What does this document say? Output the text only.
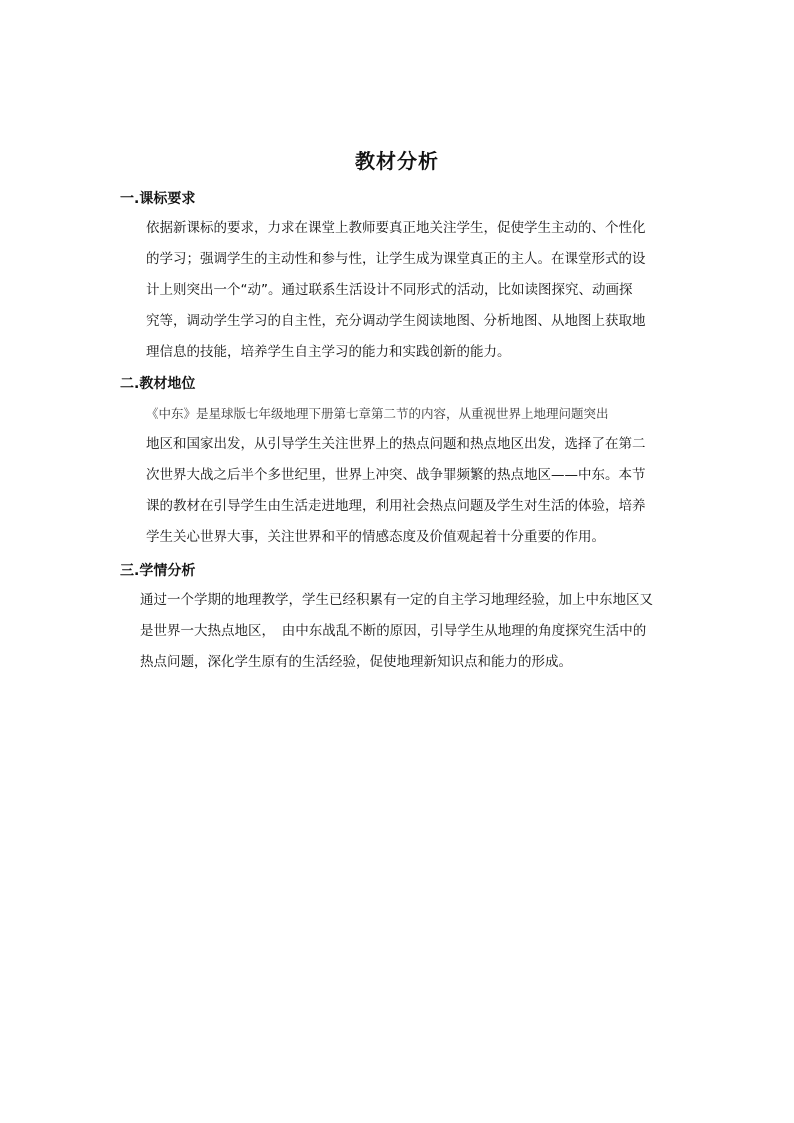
教材分析
一.课标要求
依据新课标的要求，力求在课堂上教师要真正地关注学生，促使学生主动的、个性化
的学习；强调学生的主动性和参与性，让学生成为课堂真正的主人。在课堂形式的设
计上则突出一个“动”。通过联系生活设计不同形式的活动，比如读图探究、动画探
究等，调动学生学习的自主性，充分调动学生阅读地图、分析地图、从地图上获取地
理信息的技能，培养学生自主学习的能力和实践创新的能力。
二.教材地位
《中东》是星球版七年级地理下册第七章第二节的内容，从重视世界上地理问题突出
地区和国家出发，从引导学生关注世界上的热点问题和热点地区出发，选择了在第二
次世界大战之后半个多世纪里，世界上冲突、战争罪频繁的热点地区——中东。本节
课的教材在引导学生由生活走进地理，利用社会热点问题及学生对生活的体验，培养
学生关心世界大事，关注世界和平的情感态度及价值观起着十分重要的作用。
三.学情分析
通过一个学期的地理教学，学生已经积累有一定的自主学习地理经验，加上中东地区又
是世界一大热点地区，　由中东战乱不断的原因，引导学生从地理的角度探究生活中的
热点问题，深化学生原有的生活经验，促使地理新知识点和能力的形成。
